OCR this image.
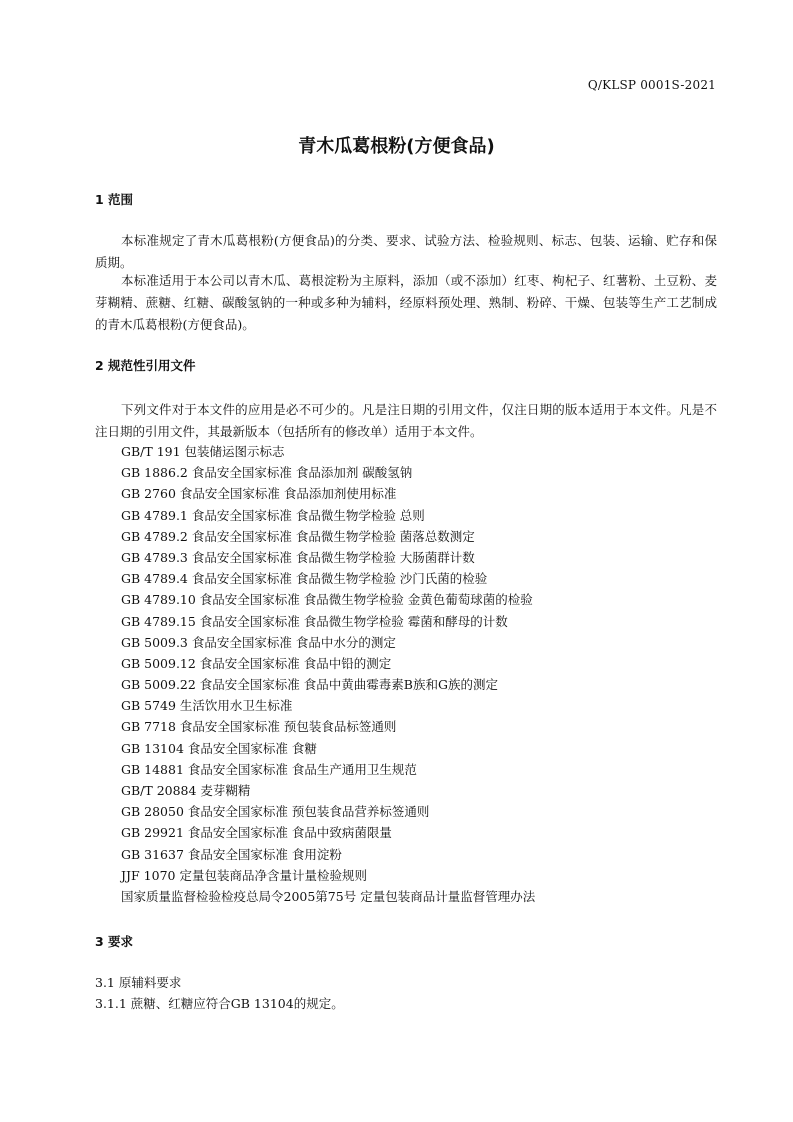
Q/KLSP 0001S-2021
青木瓜葛根粉(方便食品)
1 范围

本标准规定了青木瓜葛根粉(方便食品)的分类、要求、试验方法、检验规则、标志、包装、运输、贮存和保质期。

本标准适用于本公司以青木瓜、葛根淀粉为主原料，添加（或不添加）红枣、枸杞子、红薯粉、土豆粉、麦芽糊精、蔗糖、红糖、碳酸氢钠的一种或多种为辅料，经原料预处理、熟制、粉碎、干燥、包装等生产工艺制成的青木瓜葛根粉(方便食品)。

2 规范性引用文件

下列文件对于本文件的应用是必不可少的。凡是注日期的引用文件，仅注日期的版本适用于本文件。凡是不注日期的引用文件，其最新版本（包括所有的修改单）适用于本文件。

GB/T 191 包装储运图示标志
GB 1886.2 食品安全国家标准 食品添加剂 碳酸氢钠
GB 2760 食品安全国家标准 食品添加剂使用标准
GB 4789.1 食品安全国家标准 食品微生物学检验 总则
GB 4789.2 食品安全国家标准 食品微生物学检验 菌落总数测定
GB 4789.3 食品安全国家标准 食品微生物学检验 大肠菌群计数
GB 4789.4 食品安全国家标准 食品微生物学检验 沙门氏菌的检验
GB 4789.10 食品安全国家标准 食品微生物学检验 金黄色葡萄球菌的检验
GB 4789.15 食品安全国家标准 食品微生物学检验 霉菌和酵母的计数
GB 5009.3 食品安全国家标准 食品中水分的测定
GB 5009.12 食品安全国家标准 食品中铅的测定
GB 5009.22 食品安全国家标准 食品中黄曲霉毒素B族和G族的测定
GB 5749 生活饮用水卫生标准
GB 7718 食品安全国家标准 预包装食品标签通则
GB 13104 食品安全国家标准 食糖
GB 14881 食品安全国家标准 食品生产通用卫生规范
GB/T 20884 麦芽糊精
GB 28050 食品安全国家标准 预包装食品营养标签通则
GB 29921 食品安全国家标准 食品中致病菌限量
GB 31637 食品安全国家标准 食用淀粉
JJF 1070 定量包装商品净含量计量检验规则
国家质量监督检验检疫总局令2005第75号 定量包装商品计量监督管理办法
3 要求
3.1 原辅料要求
3.1.1 蔗糖、红糖应符合GB 13104的规定。
